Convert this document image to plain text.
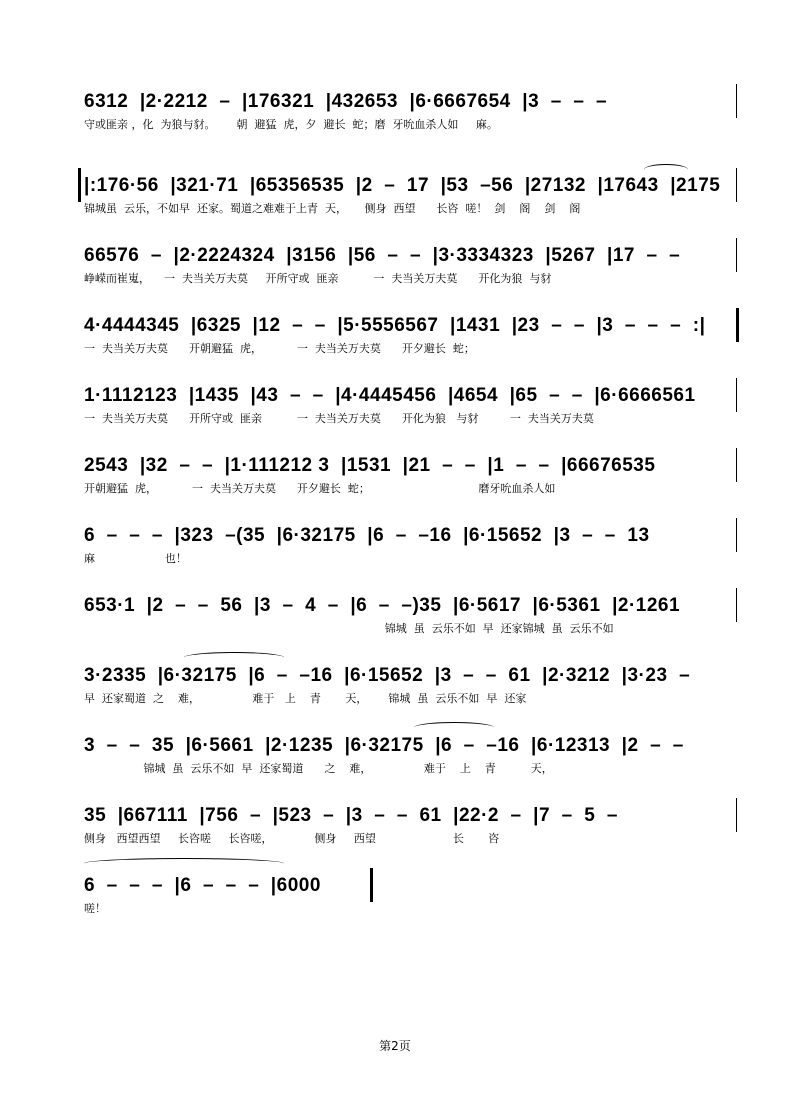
6312  |2·2212  –  |176321  |432653  |6·6667654  |3  –  –  –
守或匪亲 ，化  为狼与豺。      朝  避猛  虎，夕  避长  蛇；磨  牙吮血杀人如     麻。
|:176·56  |321·71  |65356535  |2  –  17  |53  –56  |27132  |17643  |2175
锦城虽  云乐，不如早  还家。蜀道之难难于上青  天，     侧身  西望      长咨  嗟！  剑    阁    剑    阁
66576  –  |2·2224324  |3156  |56  –  –  |3·3334323  |5267  |17  –  –
峥嵘而崔嵬，    一  夫当关万夫莫     开所守或  匪亲          一  夫当关万夫莫      开化为狼  与豺
4·4444345  |6325  |12  –  –  |5·5556567  |1431  |23  –  –  |3  –  –  –  :|
一  夫当关万夫莫      开朝避猛  虎，          一  夫当关万夫莫      开夕避长  蛇；
1·1112123  |1435  |43  –  –  |4·4445456  |4654  |65  –  –  |6·6666561
一  夫当关万夫莫      开所守或  匪亲          一  夫当关万夫莫      开化为狼   与豺         一  夫当关万夫莫
2543  |32  –  –  |1·111212 3  |1531  |21  –  –  |1  –  –  |66676535
开朝避猛  虎，          一  夫当关万夫莫      开夕避长  蛇；                               磨牙吮血杀人如
6  –  –  –  |323  –(35  |6·32175  |6  –  –16  |6·15652  |3  –  –  13
麻                    也！
653·1  |2  –  –  56  |3  –  4  –  |6  –  –)35  |6·5617  |6·5361  |2·1261
锦城  虽  云乐不如  早  还家锦城  虽  云乐不如
3·2335  |6·32175  |6  –  –16  |6·15652  |3  –  –  61  |2·3212  |3·23  –
早  还家蜀道  之    难，               难于   上    青       天，      锦城  虽  云乐不如  早  还家
3  –  –  35  |6·5661  |2·1235  |6·32175  |6  –  –16  |6·12313  |2  –  –
锦城  虽  云乐不如  早  还家蜀道      之    难，               难于    上    青          天，
35  |667111  |756  –  |523  –  |3  –  –  61  |22·2  –  |7  –  5  –
侧身   西望西望     长咨嗟     长咨嗟，            侧身     西望                      长       咨
6  –  –  –  |6  –  –  –  |6000
嗟！
第2页
